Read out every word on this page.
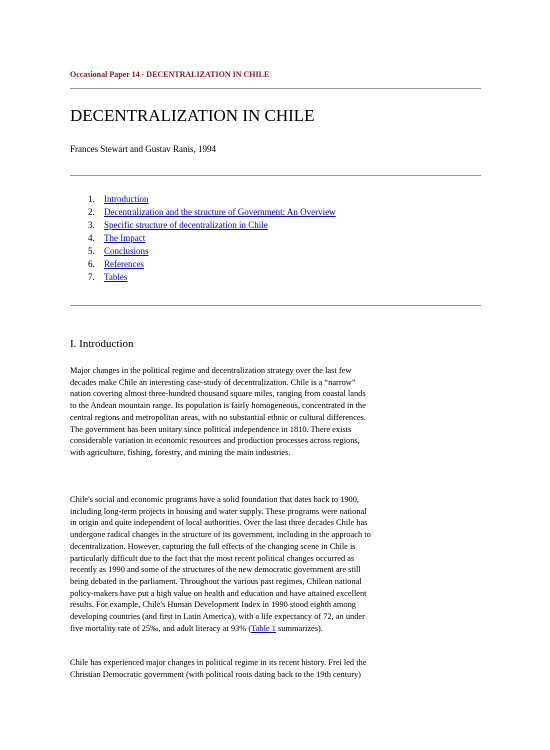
Occasional Paper 14 - DECENTRALIZATION IN CHILE
DECENTRALIZATION IN CHILE
Frances Stewart and Gustav Ranis, 1994
1. Introduction
2. Decentralization and the structure of Government: An Overview
3. Specific structure of decentralization in Chile
4. The Impact
5. Conclusions
6. References
7. Tables
I. Introduction

Major changes in the political regime and decentralization strategy over the last few
decades make Chile an interesting case-study of decentralization. Chile is a “narrow”
nation covering almost three-hundred thousand square miles, ranging from coastal lands
to the Andean mountain range. Its population is fairly homogeneous, concentrated in the
central regions and metropolitan areas, with no substantial ethnic or cultural differences.
The government has been unitary since political independence in 1810. There exists
considerable variation in economic resources and production processes across regions,
with agriculture, fishing, forestry, and mining the main industries.

Chile's social and economic programs have a solid foundation that dates back to 1900,
including long-term projects in housing and water supply. These programs were national
in origin and quite independent of local authorities. Over the last three decades Chile has
undergone radical changes in the structure of its government, including in the approach to
decentralization. However, capturing the full effects of the changing scene in Chile is
particularly difficult due to the fact that the most recent political changes occurred as
recently as 1990 and some of the structures of the new democratic government are still
being debated in the parliament. Throughout the various past regimes, Chilean national
policy-makers have put a high value on health and education and have attained excellent
results. For example, Chile's Human Development Index in 1990 stood eighth among
developing countries (and first in Latin America), with a life expectancy of 72, an under
five mortality rate of 25‰, and adult literacy at 93% (Table 1 summarizes).

Chile has experienced major changes in political regime in its recent history. Frei led the
Christian Democratic government (with political roots dating back to the 19th century)
